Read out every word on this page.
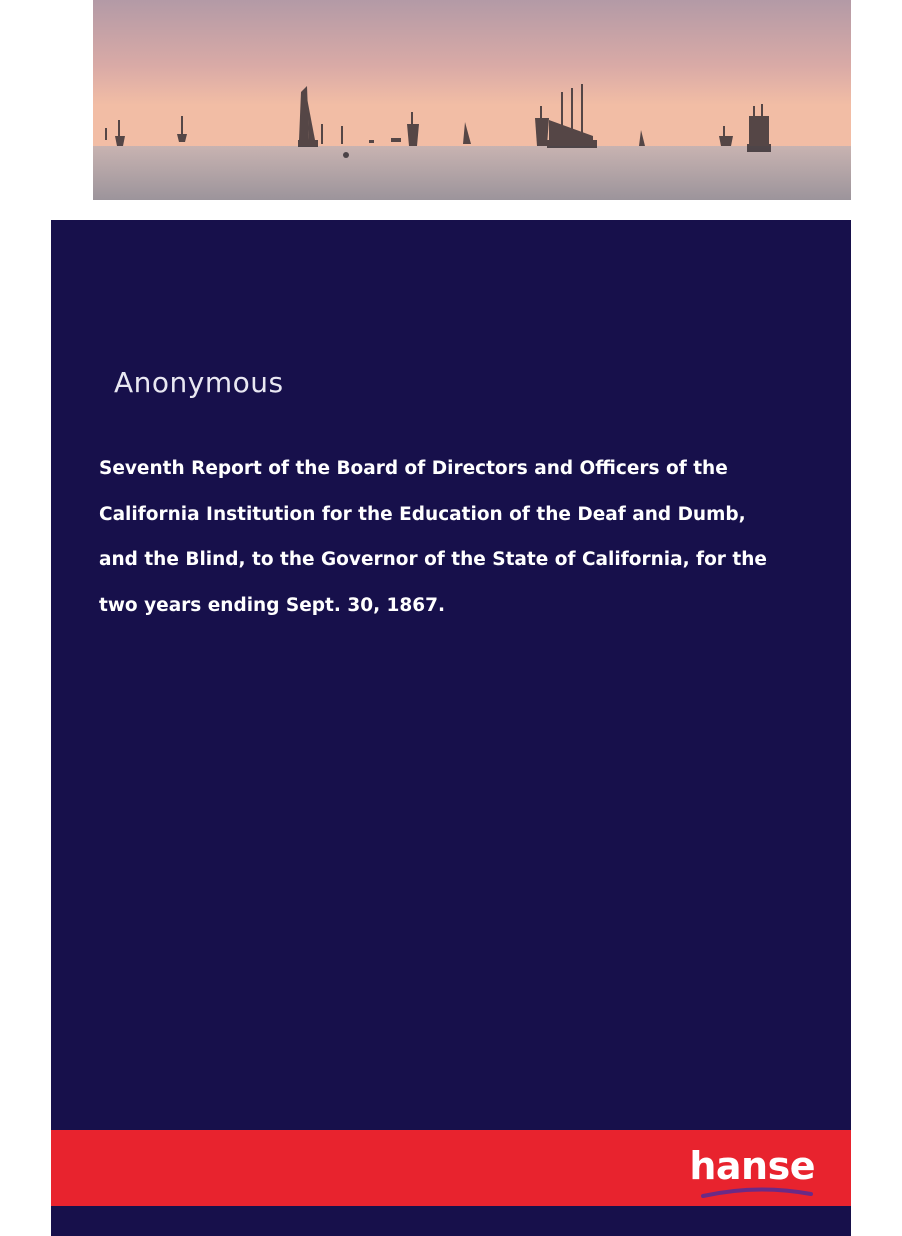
Anonymous
Seventh Report of the Board of Directors and Officers of the California Institution for the Education of the Deaf and Dumb, and the Blind, to the Governor of the State of California, for the two years ending Sept. 30, 1867.
hanse
